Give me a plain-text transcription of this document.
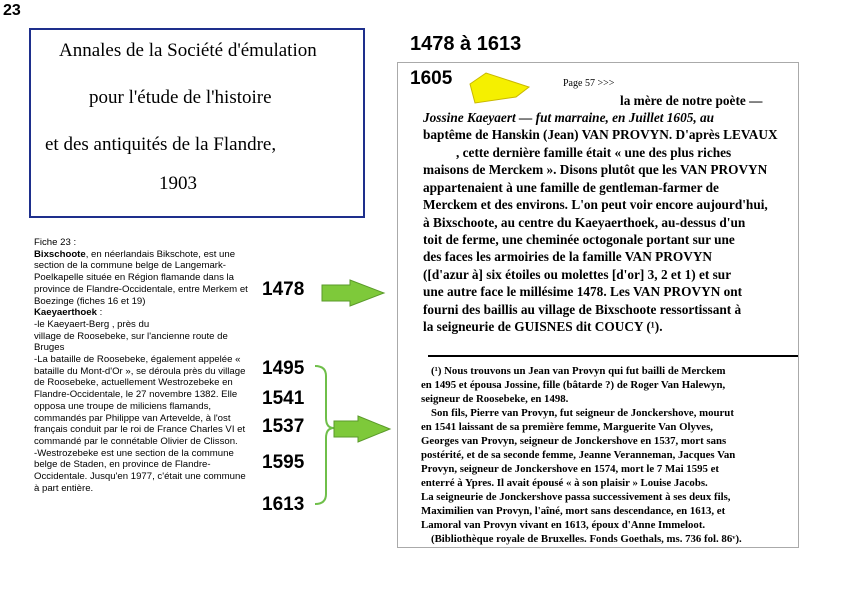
23
Annales de la Société d'émulation
pour l'étude de l'histoire
et des antiquités de la Flandre,
1903
1478 à 1613

Fiche 23 :

Bixschoote, en néerlandais Bikschote, est une section de la commune belge de Langemark-Poelkapelle située en Région flamande dans la province de Flandre-Occidentale, entre Merkem et Boezinge (fiches 16 et 19)

Kaeyaerthoek :

-le Kaeyaert-Berg , près du

village de Roosebeke, sur l'ancienne route de Bruges

-La bataille de Roosebeke, également appelée « bataille du Mont-d'Or », se déroula près du village de Roosebeke, actuellement Westrozebeke en Flandre-Occidentale, le 27 novembre 1382. Elle opposa une troupe de miliciens flamands, commandés par Philippe van Artevelde, à l'ost français conduit par le roi de France Charles VI et commandé par le connétable Olivier de Clisson.

-Westrozebeke est une section de la commune belge de Staden, en province de Flandre-Occidentale. Jusqu'en 1977, c'était une commune à part entière.

1478
1495
1541
1537
1595
1613
1605	Page 57 >>>
la mère de notre poète —
Jossine Kaeyaert — fut marraine, en Juillet 1605, au
baptême de Hanskin (Jean) VAN PROVYN. D'après LEVAUX
, cette dernière famille était « une des plus riches
maisons de Merckem ». Disons plutôt que les VAN PROVYN
appartenaient à une famille de gentleman-farmer de
Merckem et des environs. L'on peut voir encore aujourd'hui,
à Bixschoote, au centre du Kaeyaerthoek, au-dessus d'un
toit de ferme, une cheminée octogonale portant sur une
des faces les armoiries de la famille VAN PROVYN
([d'azur à] six étoiles ou molettes [d'or] 3, 2 et 1) et sur
une autre face le millésime 1478. Les VAN PROVYN ont
fourni des baillis au village de Bixschoote ressortissant à
la seigneurie de GUISNES dit COUCY (¹).
(¹) Nous trouvons un Jean van Provyn qui fut bailli de Merckem
en 1495 et épousa Jossine, fille (bâtarde ?) de Roger Van Halewyn,
seigneur de Roosebeke, en 1498.
Son fils, Pierre van Provyn, fut seigneur de Jonckershove, mourut
en 1541 laissant de sa première femme, Marguerite Van Olyves,
Georges van Provyn, seigneur de Jonckershove en 1537, mort sans
postérité, et de sa seconde femme, Jeanne Veranneman, Jacques Van
Provyn, seigneur de Jonckershove en 1574, mort le 7 Mai 1595 et
enterré à Ypres. Il avait épousé « à son plaisir » Louise Jacobs.
La seigneurie de Jonckershove passa successivement à ses deux fils,
Maximilien van Provyn, l'aîné, mort sans descendance, en 1613, et
Lamoral van Provyn vivant en 1613, époux d'Anne Immeloot.
(Bibliothèque royale de Bruxelles. Fonds Goethals, ms. 736 fol. 86ᵛ).
